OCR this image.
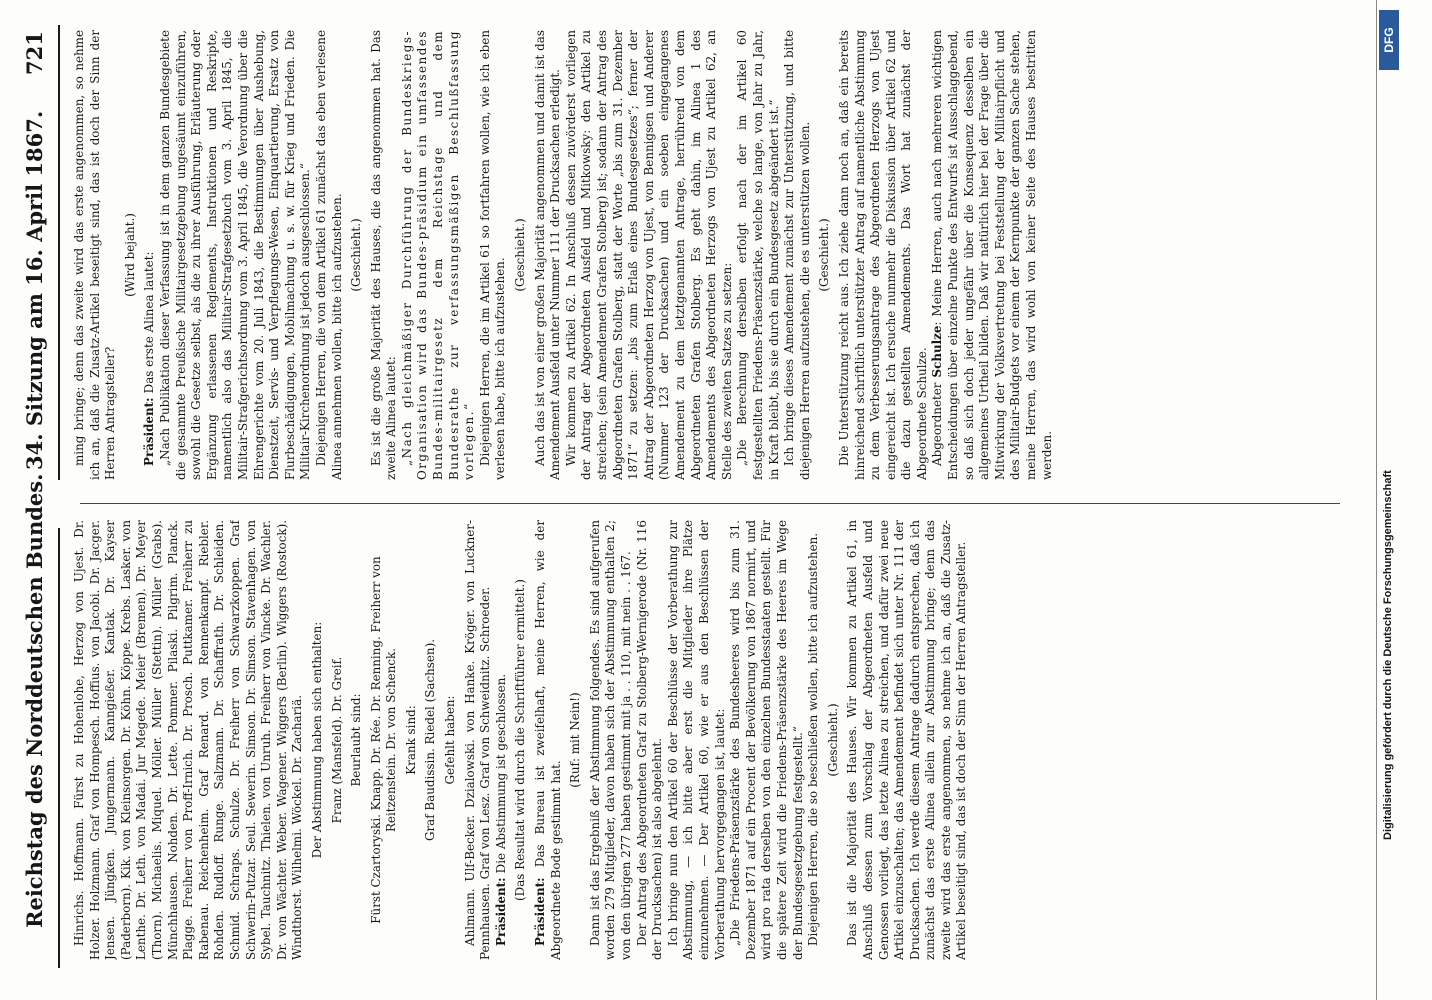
Reichstag des Norddeutschen Bundes.
34. Sitzung am 16. April 1867.
721

Hinrichs. Hoffmann. Fürst zu Hohenlohe, Herzog von Ujest. Dr. Holzer. Holzmann. Graf von Hompesch. Hoffius. von Jacobi. Dr. Jacger. Jensen. Jüngken. Jungermann. Kanngießer. Kantak. Dr. Kayser (Paderborn). Kik. von Kleinsorgen. Dr. Köhn. Köppe. Krebs. Lasker. von Lenthe. Dr. Leth. von Madai. Jur Megede. Meier (Bremen). Dr. Meyer (Thorn). Michaelis. Miquel. Möller. Müller (Stettin). Müller (Grabs). Münchhausen. Nohden. Dr. Lette. Pommer. Pilaski. Pilgrim. Planck. Plagge. Freiherr von Proff-Irnich. Dr. Prosch. Puttkamer. Freiherr zu Rabenau. Reichenheim. Graf Renard. von Rennenkampf. Riebler. Rohden. Rudloff. Runge. Salzmann. Dr. Schaffrath. Dr. Schleiden. Schmid. Schraps. Schulze. Dr. Freiherr von Schwarzkoppen. Graf Schwerin-Putzar. Seul. Sewerin. Simson. Dr. Simson. Stavenhagen. von Sybel. Tauchnitz. Thielen. von Unruh. Freiherr von Vincke. Dr. Wachler. Dr. von Wächter. Weber. Wagener. Wiggers (Berlin). Wiggers (Rostock). Windthorst. Wilhelmi. Wöckel. Dr. Zachariä. Der Abstimmung haben sich enthalten: Franz (Mansfeld). Dr. Greif. Beurlaubt sind: Fürst Czartoryski. Knapp. Dr. Rée. Dr. Renning. Freiherr von Reitzenstein. Dr. von Schenck. Krank sind: Graf Baudissin. Riedel (Sachsen). Gefehlt haben: Ahlmann. Ulf-Becker. Dzialowski. von Hanke. Kröger. von Luckner-Pennhausen. Graf von Lesz. Graf von Schweidnitz. Schroeder. Präsident: Die Abstimmung ist geschlossen. (Das Resultat wird durch die Schriftführer ermittelt.)

Präsident: Das Bureau ist zweifelhaft, meine Herren, wie der Abgeordnete Bode gestimmt hat.

(Ruf: mit Nein!) Dann ist das Ergebniß der Abstimmung folgendes. Es sind aufgerufen worden 279 Mitglieder, davon haben sich der Abstimmung enthalten 2; von den übrigen 277 haben gestimmt mit ja . . 110, mit nein . . 167. Der Antrag des Abgeordneten Graf zu Stolberg-Wernigerode (Nr. 116 der Drucksachen) ist also abgelehnt. Ich bringe nun den Artikel 60 der Beschlüsse der Vorberathung zur Abstimmung, — ich bitte aber erst die Mitglieder ihre Plätze einzunehmen. — Der Artikel 60, wie er aus den Beschlüssen der Vorberathung hervorgegangen ist, lautet: „Die Friedens-Präsenzstärke des Bundesheeres wird bis zum 31. Dezember 1871 auf ein Procent der Bevölkerung von 1867 normirt, und wird pro rata derselben von den einzelnen Bundesstaaten gestellt. Für die spätere Zeit wird die Friedens-Präsenzstärke des Heeres im Wege der Bundesgesetzgebung festgestellt.“ Diejenigen Herren, die so beschließen wollen, bitte ich aufzustehen. (Geschieht.) Das ist die Majorität des Hauses. Wir kommen zu Artikel 61, in Anschluß dessen zum Vorschlag der Abgeordneten Ausfeld und Genossen vorliegt, das letzte Alinea zu streichen, und dafür zwei neue Artikel einzuschalten; das Amendement befindet sich unter Nr. 111 der Drucksachen. Ich werde diesem Antrage dadurch entsprechen, daß ich zunächst das erste Alinea allein zur Abstimmung bringe; denn das zweite wird das erste angenommen, so nehme ich an, daß die Zusatz-Artikel beseitigt sind, das ist doch der Sinn der Herren Antragsteller.

ming bringe; denn das zweite wird das erste angenommen, so nehme ich an, daß die Zusatz-Artikel beseitigt sind, das ist doch der Sinn der Herren Antragsteller?

(Wird bejaht.)

Präsident: Das erste Alinea lautet: „Nach Publikation dieser Verfassung ist in dem ganzen Bundesgebiete die gesammte Preußische Militairgesetzgebung ungesäumt einzuführen, sowohl die Gesetze selbst, als die zu ihrer Ausführung, Erläuterung oder Ergänzung erlassenen Reglements, Instruktionen und Reskripte, namentlich also das Militair-Strafgesetzbuch vom 3. April 1845, die Militair-Strafgerichtsordnung vom 3. April 1845, die Verordnung über die Ehrengerichte vom 20. Juli 1843, die Bestimmungen über Aushebung, Dienstzeit, Servis- und Verpflegungs-Wesen, Einquartierung, Ersatz von Flurbeschädigungen, Mobilmachung u. s. w. für Krieg und Frieden. Die Militair-Kirchenordnung ist jedoch ausgeschlossen.“ Diejenigen Herren, die von dem Artikel 61 zunächst das eben verlesene Alinea annehmen wollen, bitte ich aufzustehen. (Geschieht.) Es ist die große Majorität des Hauses, die das angenommen hat. Das zweite Alinea lautet: „Nach gleichmäßiger Durchführung der Bundeskriegs-Organisation wird das Bundes-präsidium ein umfassendes Bundes-militairgesetz dem Reichstage und dem Bundesrathe zur verfassungsmäßigen Beschlußfassung vorlegen.“ Diejenigen Herren, die im Artikel 61 so fortfahren wollen, wie ich eben verlesen habe, bitte ich aufzustehen.

(Geschieht.) Auch das ist von einer großen Majorität angenommen und damit ist das Amendement Ausfeld unter Nummer 111 der Drucksachen erledigt. Wir kommen zu Artikel 62. In Anschluß dessen zuvörderst vorliegen der Antrag der Abgeordneten Ausfeld und Mitkowsky: den Artikel zu streichen; (sein Amendement Grafen Stolberg) ist; sodann der Antrag des Abgeordneten Grafen Stolberg, statt der Worte „bis zum 31. Dezember 1871“ zu setzen: „bis zum Erlaß eines Bundesgesetzes“; ferner der Antrag der Abgeordneten Herzog von Ujest, von Bennigsen und Anderer (Nummer 123 der Drucksachen) und ein soeben eingegangenes Amendement zu dem letztgenannten Antrage, herrührend von dem Abgeordneten Grafen Stolberg. Es geht dahin, im Alinea 1 des Amendements des Abgeordneten Herzogs von Ujest zu Artikel 62, an Stelle des zweiten Satzes zu setzen: „Die Berechnung derselben erfolgt nach der im Artikel 60 festgestellten Friedens-Präsenzstärke, welche so lange, von Jahr zu Jahr, in Kraft bleibt, bis sie durch ein Bundesgesetz abgeändert ist.“ Ich bringe dieses Amendement zunächst zur Unterstützung, und bitte diejenigen Herren aufzustehen, die es unterstützen wollen. (Geschieht.) Die Unterstützung reicht aus. Ich ziehe dann noch an, daß ein bereits hinreichend schriftlich unterstützter Antrag auf namentliche Abstimmung zu dem Verbesserungsantrage des Abgeordneten Herzogs von Ujest eingereicht ist. Ich ersuche nunmehr die Diskussion über Artikel 62 und die dazu gestellten Amendements. Das Wort hat zunächst der Abgeordnete Schulze. Abgeordneter Schulze: Meine Herren, auch nach mehreren wichtigen Entscheidungen über einzelne Punkte des Entwurfs ist Ausschlaggebend, so daß sich doch jeder ungefähr über die Konsequenz desselben ein allgemeines Urtheil bilden. Daß wir natürlich hier bei der Frage über die Mitwirkung der Volksvertretung bei Feststellung der Militairpflicht und des Militair-Budgets vor einem der Kernpunkte der ganzen Sache stehen, meine Herren, das wird wohl von keiner Seite des Hauses bestritten werden.

Digitalisierung gefördert durch die Deutsche Forschungsgemeinschaft
DFG
